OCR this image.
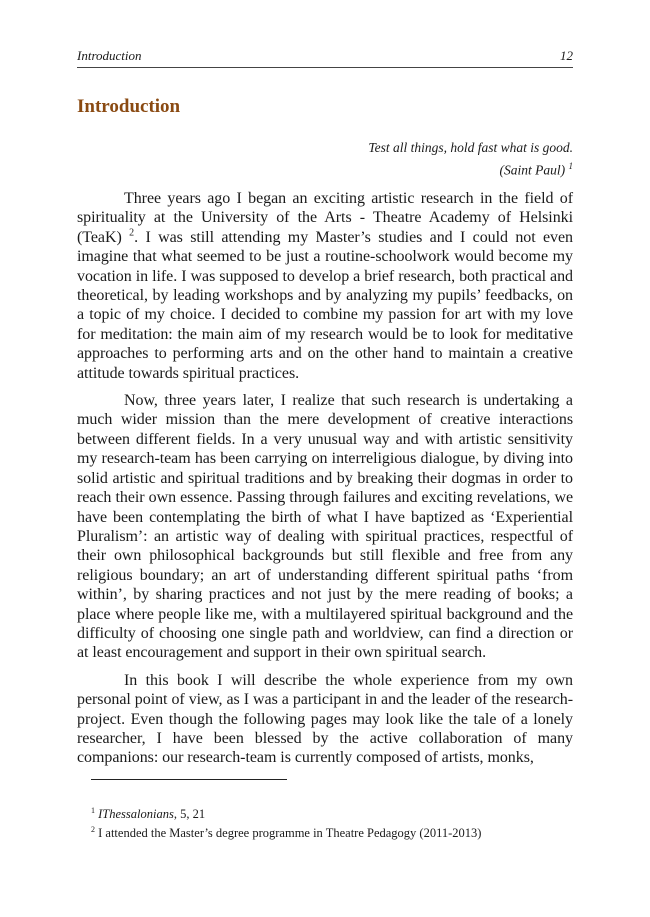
Introduction	12
Introduction
Test all things, hold fast what is good.
(Saint Paul) $^1$

Three years ago I began an exciting artistic research in the field of spirituality at the University of the Arts - Theatre Academy of Helsinki (TeaK) $^2$. I was still attending my Master’s studies and I could not even imagine that what seemed to be just a routine-schoolwork would become my vocation in life. I was supposed to develop a brief research, both practical and theoretical, by leading workshops and by analyzing my pupils’ feedbacks, on a topic of my choice. I decided to combine my passion for art with my love for meditation: the main aim of my research would be to look for meditative approaches to performing arts and on the other hand to maintain a creative attitude towards spiritual practices.

Now, three years later, I realize that such research is undertaking a much wider mission than the mere development of creative interactions between different fields. In a very unusual way and with artistic sensitivity my research-team has been carrying on interreligious dialogue, by diving into solid artistic and spiritual traditions and by breaking their dogmas in order to reach their own essence. Passing through failures and exciting revelations, we have been contemplating the birth of what I have baptized as ‘Experiential Pluralism’: an artistic way of dealing with spiritual practices, respectful of their own philosophical backgrounds but still flexible and free from any religious boundary; an art of understanding different spiritual paths ‘from within’, by sharing practices and not just by the mere reading of books; a place where people like me, with a multilayered spiritual background and the difficulty of choosing one single path and worldview, can find a direction or at least encouragement and support in their own spiritual search.

In this book I will describe the whole experience from my own personal point of view, as I was a participant in and the leader of the research-project. Even though the following pages may look like the tale of a lonely researcher, I have been blessed by the active collaboration of many companions: our research-team is currently composed of artists, monks,

$^1$ IThessalonians, 5, 21
$^2$ I attended the Master’s degree programme in Theatre Pedagogy (2011-2013)
